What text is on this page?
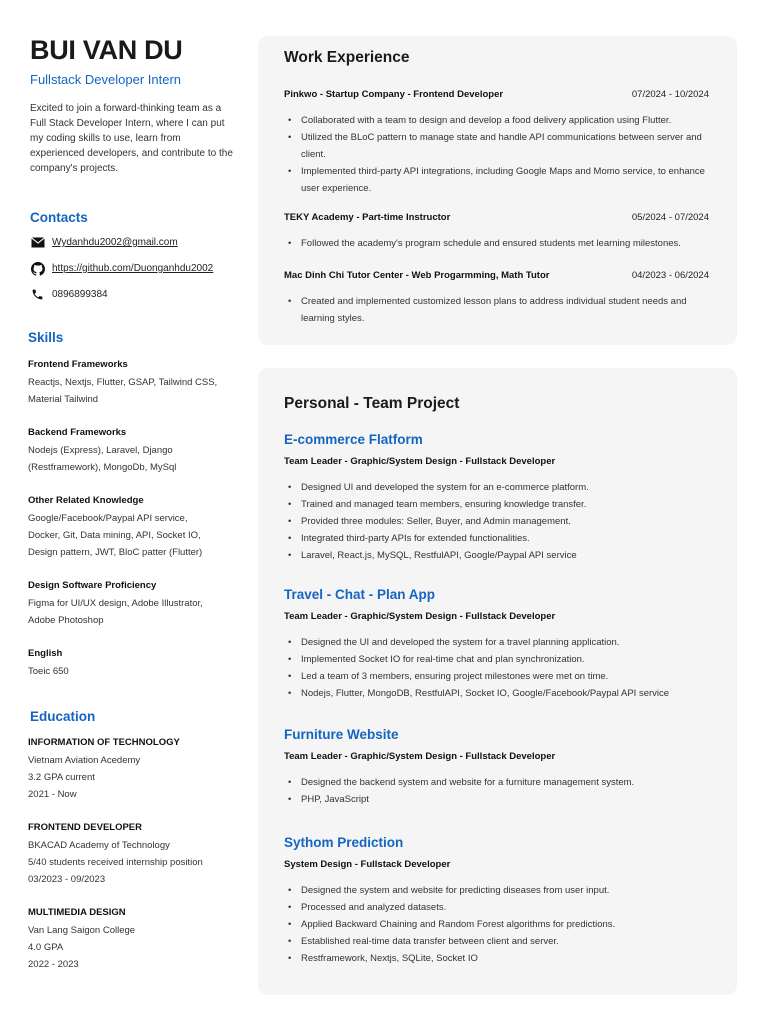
BUI VAN DU
Fullstack Developer Intern
Excited to join a forward-thinking team as a Full Stack Developer Intern, where I can put my coding skills to use, learn from experienced developers, and contribute to the company's projects.
Contacts
Wydanhdu2002@gmail.com
https://github.com/Duonganhdu2002
0896899384
Skills
Frontend Frameworks
Reactjs, Nextjs, Flutter, GSAP, Tailwind CSS,
Material Tailwind
Backend Frameworks
Nodejs (Express), Laravel, Django
(Restframework), MongoDb, MySql
Other Related Knowledge
Google/Facebook/Paypal API service,
Docker, Git, Data mining, API, Socket IO,
Design pattern, JWT, BloC patter (Flutter)
Design Software Proficiency
Figma for UI/UX design, Adobe Illustrator,
Adobe Photoshop
English
Toeic 650
Education
INFORMATION OF TECHNOLOGY
Vietnam Aviation Acedemy
3.2 GPA current
2021 - Now
FRONTEND DEVELOPER
BKACAD Academy of Technology
5/40 students received internship position
03/2023 - 09/2023
MULTIMEDIA DESIGN
Van Lang Saigon College
4.0 GPA
2022 - 2023
Work Experience
Pinkwo - Startup Company - Frontend Developer	07/2024 - 10/2024
• Collaborated with a team to design and develop a food delivery application using Flutter.
• Utilized the BLoC pattern to manage state and handle API communications between server and client.
• Implemented third-party API integrations, including Google Maps and Momo service, to enhance user experience.
TEKY Academy - Part-time Instructor	05/2024 - 07/2024
• Followed the academy's program schedule and ensured students met learning milestones.
Mac Dinh Chi Tutor Center - Web Progarmming, Math Tutor	04/2023 - 06/2024
• Created and implemented customized lesson plans to address individual student needs and learning styles.
Personal - Team Project
E-commerce Flatform
Team Leader - Graphic/System Design - Fullstack Developer
• Designed UI and developed the system for an e-commerce platform.
• Trained and managed team members, ensuring knowledge transfer.
• Provided three modules: Seller, Buyer, and Admin management.
• Integrated third-party APIs for extended functionalities.
• Laravel, React.js, MySQL, RestfulAPI, Google/Paypal API service
Travel - Chat - Plan App
Team Leader - Graphic/System Design - Fullstack Developer
• Designed the UI and developed the system for a travel planning application.
• Implemented Socket IO for real-time chat and plan synchronization.
• Led a team of 3 members, ensuring project milestones were met on time.
• Nodejs, Flutter, MongoDB, RestfulAPI, Socket IO, Google/Facebook/Paypal API service
Furniture Website
Team Leader - Graphic/System Design - Fullstack Developer
• Designed the backend system and website for a furniture management system.
• PHP, JavaScript
Sythom Prediction
System Design - Fullstack Developer
• Designed the system and website for predicting diseases from user input.
• Processed and analyzed datasets.
• Applied Backward Chaining and Random Forest algorithms for predictions.
• Established real-time data transfer between client and server.
• Restframework, Nextjs, SQLite, Socket IO
